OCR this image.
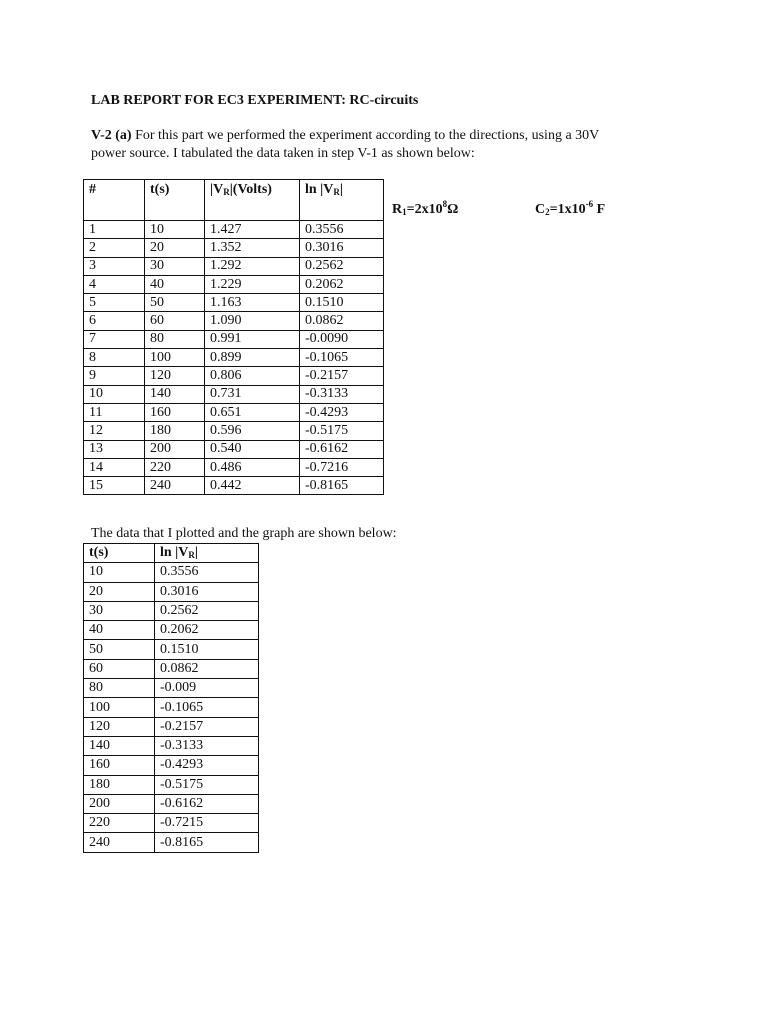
LAB REPORT FOR EC3 EXPERIMENT: RC-circuits
V-2 (a) For this part we performed the experiment according to the directions, using a 30V
power source. I tabulated the data taken in step V-1 as shown below:
#	t(s)	$|V_R|(Volts)$	$\ln |V_R|$
1	10	1.427	0.3556
2	20	1.352	0.3016
3	30	1.292	0.2562
4	40	1.229	0.2062
5	50	1.163	0.1510
6	60	1.090	0.0862
7	80	0.991	-0.0090
8	100	0.899	-0.1065
9	120	0.806	-0.2157
10	140	0.731	-0.3133
11	160	0.651	-0.4293
12	180	0.596	-0.5175
13	200	0.540	-0.6162
14	220	0.486	-0.7216
15	240	0.442	-0.8165
$R_1=2x10^8\Omega$	$C_2=1x10^{-6}$ F
The data that I plotted and the graph are shown below:
t(s)	$\ln |V_R|$
10	0.3556
20	0.3016
30	0.2562
40	0.2062
50	0.1510
60	0.0862
80	-0.009
100	-0.1065
120	-0.2157
140	-0.3133
160	-0.4293
180	-0.5175
200	-0.6162
220	-0.7215
240	-0.8165
